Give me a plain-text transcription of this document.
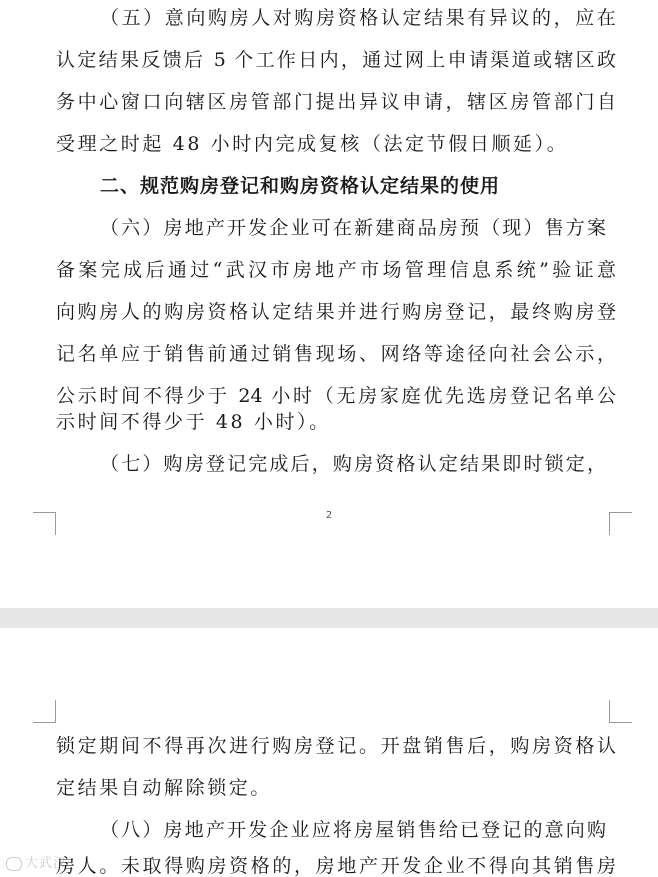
（五）意向购房人对购房资格认定结果有异议的，应在
认定结果反馈后 5 个工作日内，通过网上申请渠道或辖区政
务中心窗口向辖区房管部门提出异议申请，辖区房管部门自
受理之时起 48 小时内完成复核（法定节假日顺延）。
二、规范购房登记和购房资格认定结果的使用
（六）房地产开发企业可在新建商品房预（现）售方案
备案完成后通过“武汉市房地产市场管理信息系统”验证意
向购房人的购房资格认定结果并进行购房登记，最终购房登
记名单应于销售前通过销售现场、网络等途径向社会公示，
公示时间不得少于 24 小时（无房家庭优先选房登记名单公
示时间不得少于 48 小时）。
（七）购房登记完成后，购房资格认定结果即时锁定，
2
锁定期间不得再次进行购房登记。开盘销售后，购房资格认
定结果自动解除锁定。
（八）房地产开发企业应将房屋销售给已登记的意向购
房人。未取得购房资格的，房地产开发企业不得向其销售房
大武汉
